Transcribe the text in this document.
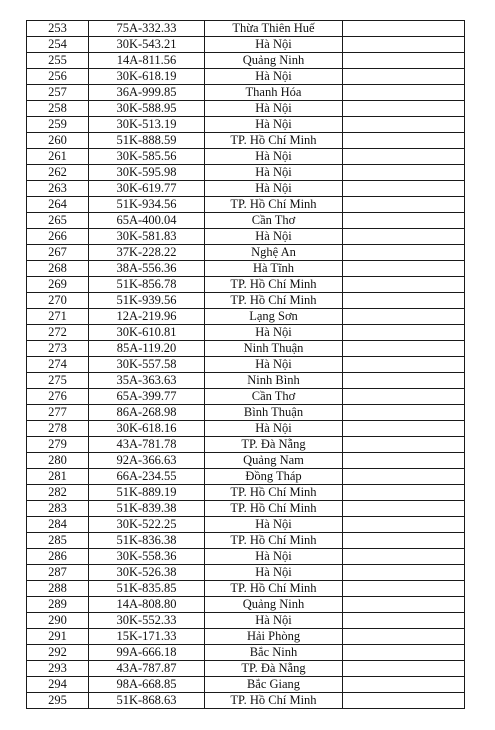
253	75A-332.33	Thừa Thiên Huế	
254	30K-543.21	Hà Nội	
255	14A-811.56	Quảng Ninh	
256	30K-618.19	Hà Nội	
257	36A-999.85	Thanh Hóa	
258	30K-588.95	Hà Nội	
259	30K-513.19	Hà Nội	
260	51K-888.59	TP. Hồ Chí Minh	
261	30K-585.56	Hà Nội	
262	30K-595.98	Hà Nội	
263	30K-619.77	Hà Nội	
264	51K-934.56	TP. Hồ Chí Minh	
265	65A-400.04	Cần Thơ	
266	30K-581.83	Hà Nội	
267	37K-228.22	Nghệ An	
268	38A-556.36	Hà Tĩnh	
269	51K-856.78	TP. Hồ Chí Minh	
270	51K-939.56	TP. Hồ Chí Minh	
271	12A-219.96	Lạng Sơn	
272	30K-610.81	Hà Nội	
273	85A-119.20	Ninh Thuận	
274	30K-557.58	Hà Nội	
275	35A-363.63	Ninh Bình	
276	65A-399.77	Cần Thơ	
277	86A-268.98	Bình Thuận	
278	30K-618.16	Hà Nội	
279	43A-781.78	TP. Đà Nẵng	
280	92A-366.63	Quảng Nam	
281	66A-234.55	Đồng Tháp	
282	51K-889.19	TP. Hồ Chí Minh	
283	51K-839.38	TP. Hồ Chí Minh	
284	30K-522.25	Hà Nội	
285	51K-836.38	TP. Hồ Chí Minh	
286	30K-558.36	Hà Nội	
287	30K-526.38	Hà Nội	
288	51K-835.85	TP. Hồ Chí Minh	
289	14A-808.80	Quảng Ninh	
290	30K-552.33	Hà Nội	
291	15K-171.33	Hải Phòng	
292	99A-666.18	Bắc Ninh	
293	43A-787.87	TP. Đà Nẵng	
294	98A-668.85	Bắc Giang	
295	51K-868.63	TP. Hồ Chí Minh	
